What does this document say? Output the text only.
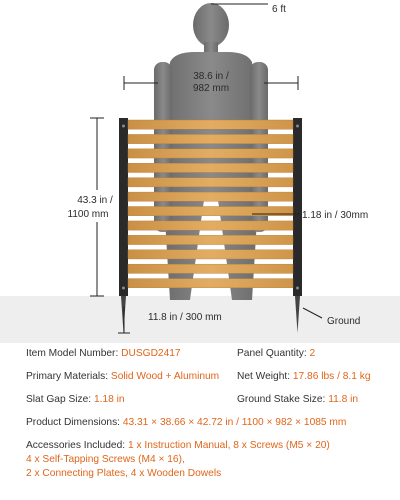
6 ft
38.6 in /
982 mm
43.3 in /
1100 mm
11.8 in / 300 mm
1.18 in / 30mm
Ground
Item Model Number: DUSGD2417	Panel Quantity: 2
Primary Materials: Solid Wood + Aluminum Net Weight: 17.86 lbs / 8.1 kg
Slat Gap Size: 1.18 in	Ground Stake Size: 11.8 in
Product Dimensions: 43.31 × 38.66 × 42.72 in / 1100 × 982 × 1085 mm
Accessories Included: 1 x Instruction Manual, 8 x Screws (M5 × 20)
4 x Self-Tapping Screws (M4 × 16),
2 x Connecting Plates, 4 x Wooden Dowels
